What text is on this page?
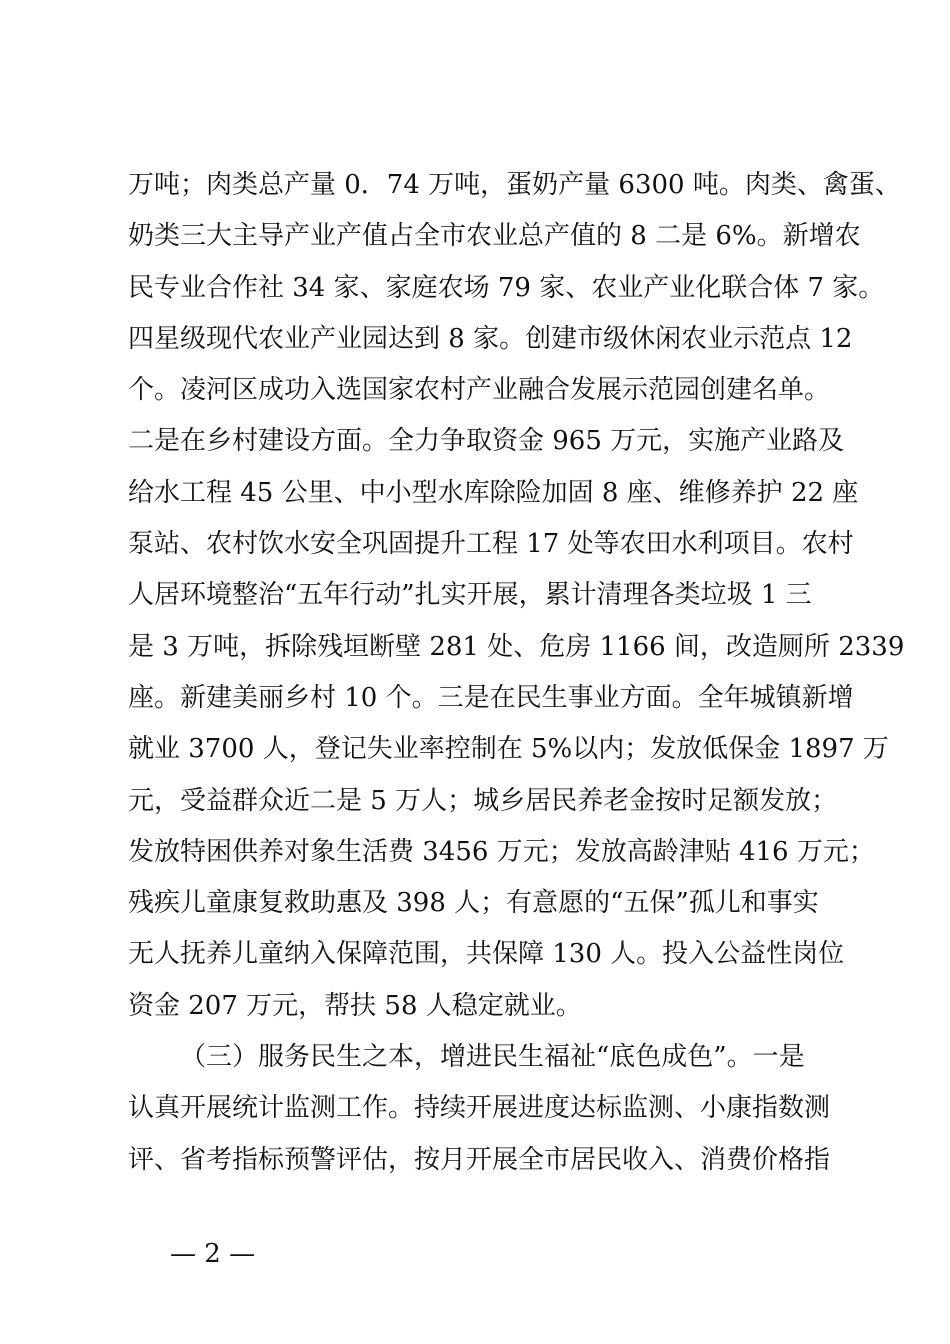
万吨；肉类总产量 0．74 万吨，蛋奶产量 6300 吨。肉类、禽蛋、
奶类三大主导产业产值占全市农业总产值的 8 二是 6%。新增农
民专业合作社 34 家、家庭农场 79 家、农业产业化联合体 7 家。
四星级现代农业产业园达到 8 家。创建市级休闲农业示范点 12
个。凌河区成功入选国家农村产业融合发展示范园创建名单。
二是在乡村建设方面。全力争取资金 965 万元，实施产业路及
给水工程 45 公里、中小型水库除险加固 8 座、维修养护 22 座
泵站、农村饮水安全巩固提升工程 17 处等农田水利项目。农村
人居环境整治“五年行动”扎实开展，累计清理各类垃圾 1 三
是 3 万吨，拆除残垣断壁 281 处、危房 1166 间，改造厕所 2339
座。新建美丽乡村 10 个。三是在民生事业方面。全年城镇新增
就业 3700 人，登记失业率控制在 5%以内；发放低保金 1897 万
元，受益群众近二是 5 万人；城乡居民养老金按时足额发放；
发放特困供养对象生活费 3456 万元；发放高龄津贴 416 万元；
残疾儿童康复救助惠及 398 人；有意愿的“五保”孤儿和事实
无人抚养儿童纳入保障范围，共保障 130 人。投入公益性岗位
资金 207 万元，帮扶 58 人稳定就业。
（三）服务民生之本，增进民生福祉“底色成色”。一是
认真开展统计监测工作。持续开展进度达标监测、小康指数测
评、省考指标预警评估，按月开展全市居民收入、消费价格指
— 2 —
